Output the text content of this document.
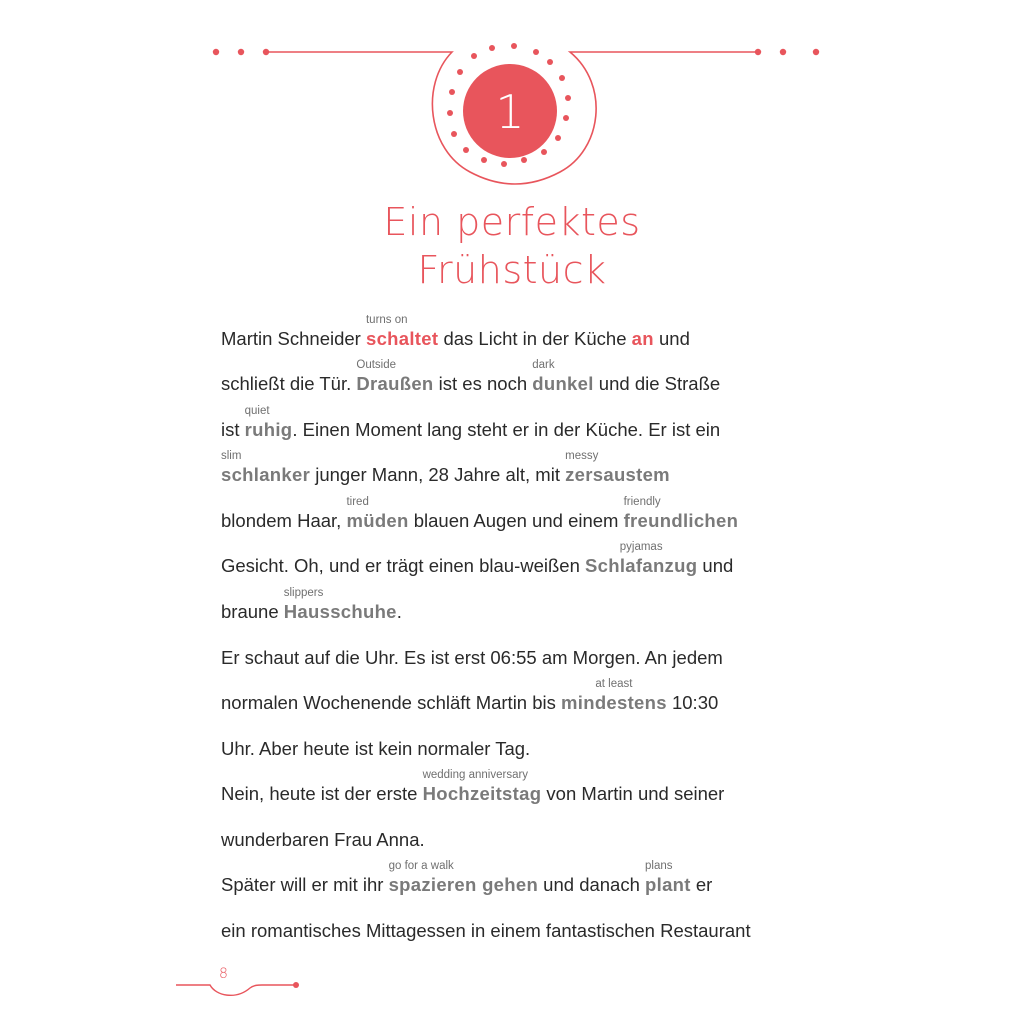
1
Ein perfektes
Frühstück
Martin Schneider schaltet
turns on
das Licht in der Küche an und
schließt die Tür. Draußen
Outside
ist es noch dunkel
dark
und die Straße
ist ruhig
quiet
. Einen Moment lang steht er in der Küche. Er ist ein
schlanker
slim
junger Mann, 28 Jahre alt, mit zersaustem
messy
blondem Haar, müden
tired
blauen Augen und einem freundlichen
friendly
Gesicht. Oh, und er trägt einen blau-weißen Schlafanzug
pyjamas
und
braune Hausschuhe
slippers
.
Er schaut auf die Uhr. Es ist erst 06:55 am Morgen. An jedem
normalen Wochenende schläft Martin bis mindestens
at least
10:30
Uhr. Aber heute ist kein normaler Tag.
Nein, heute ist der erste Hochzeitstag
wedding anniversary
von Martin und seiner
wunderbaren Frau Anna.
Später will er mit ihr spazieren gehen
go for a walk
und danach plant
plans
er
ein romantisches Mittagessen in einem fantastischen Restaurant
8
